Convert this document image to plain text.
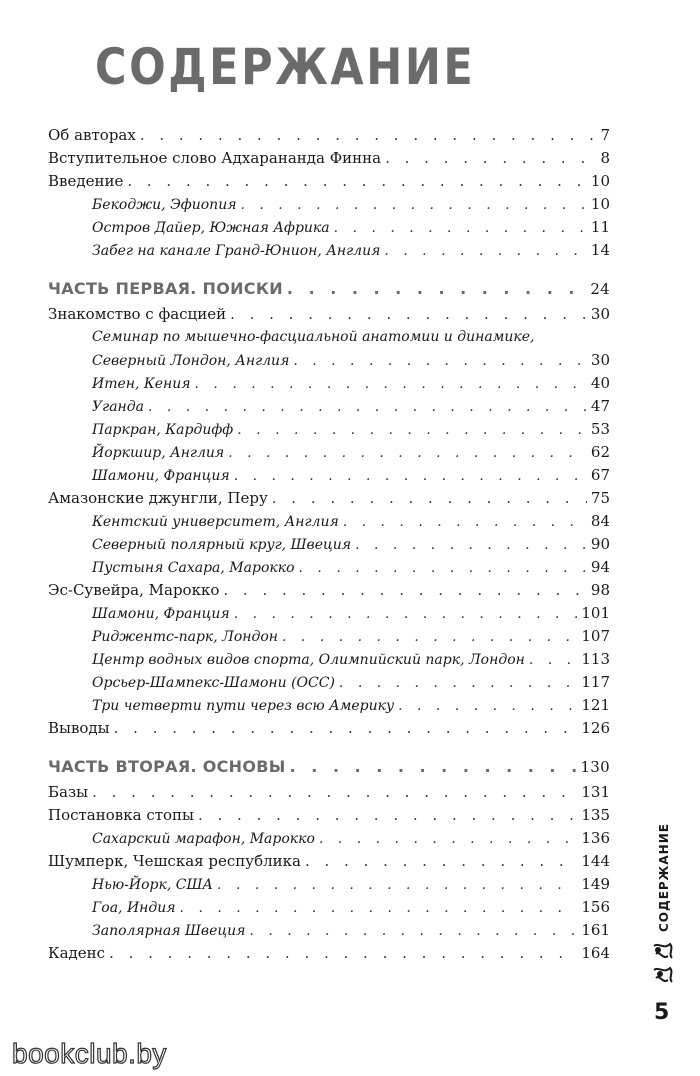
СОДЕРЖАНИЕ
Об авторах . . .	7
Вступительное слово Адхарананда Финна . . .	8
Введение . . .	10
Бекоджи, Эфиопия . . .	10
Остров Дайер, Южная Африка . . .	11
Забег на канале Гранд-Юнион, Англия . . .	14
ЧАСТЬ ПЕРВАЯ. ПОИСКИ . . .	24
Знакомство с фасцией . . .	30
Семинар по мышечно-фасциальной анатомии и динамике,
Северный Лондон, Англия . . .	30
Итен, Кения . . .	40
Уганда . . .	47
Паркран, Кардифф . . .	53
Йоркшир, Англия . . .	62
Шамони, Франция . . .	67
Амазонские джунгли, Перу . . .	75
Кентский университет, Англия . . .	84
Северный полярный круг, Швеция . . .	90
Пустыня Сахара, Марокко . . .	94
Эс-Сувейра, Марокко . . .	98
Шамони, Франция . . .	101
Риджентс-парк, Лондон . . .	107
Центр водных видов спорта, Олимпийский парк, Лондон . . .	113
Орсьер-Шампекс-Шамони (OCC) . . .	117
Три четверти пути через всю Америку . . .	121
Выводы . . .	126
ЧАСТЬ ВТОРАЯ. ОСНОВЫ . . .	130
Базы . . .	131
Постановка стопы . . .	135
Сахарский марафон, Марокко . . .	136
Шумперк, Чешская республика . . .	144
Нью-Йорк, США . . .	149
Гоа, Индия . . .	156
Заполярная Швеция . . .	161
Каденс . . .	164
СОДЕРЖАНИЕ
5
bookclub.by
